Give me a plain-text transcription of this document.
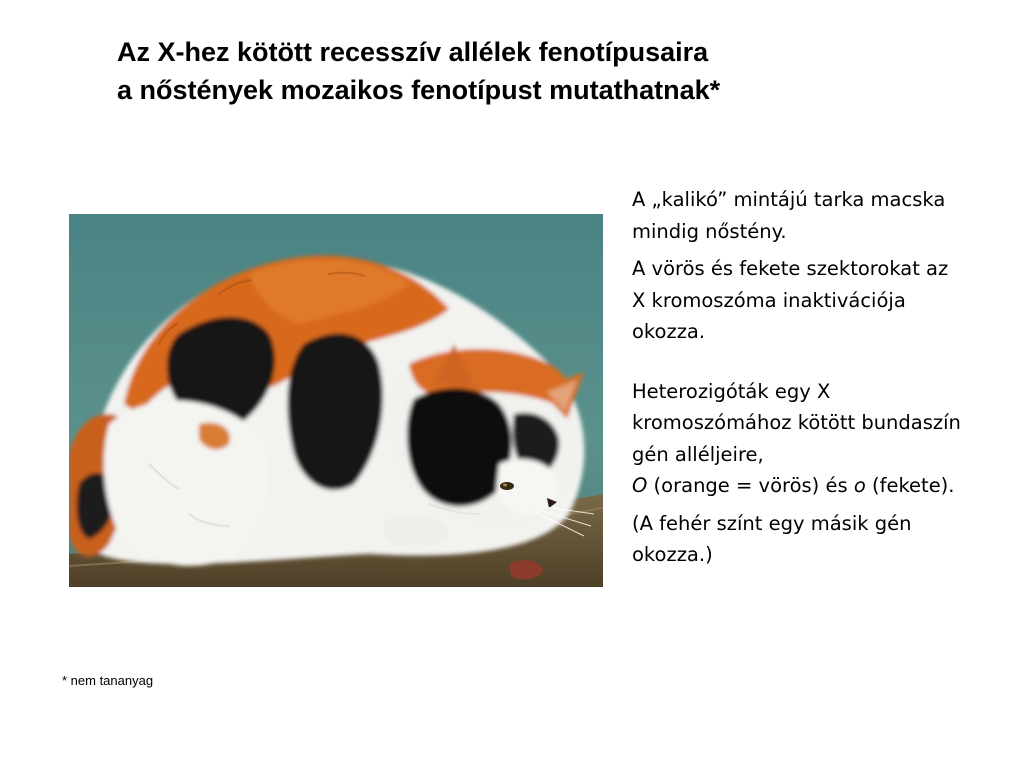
Az X-hez kötött recesszív allélek fenotípusaira
a nőstények mozaikos fenotípust mutathatnak*

A „kalikó” mintájú tarka macska mindig nőstény.

A vörös és fekete szektorokat az X kromoszóma inaktivációja okozza.

Heterozigóták egy X kromoszómához kötött bundaszín gén alléljeire,
O (orange = vörös) és o (fekete).

(A fehér színt egy másik gén okozza.)

* nem tananyag
